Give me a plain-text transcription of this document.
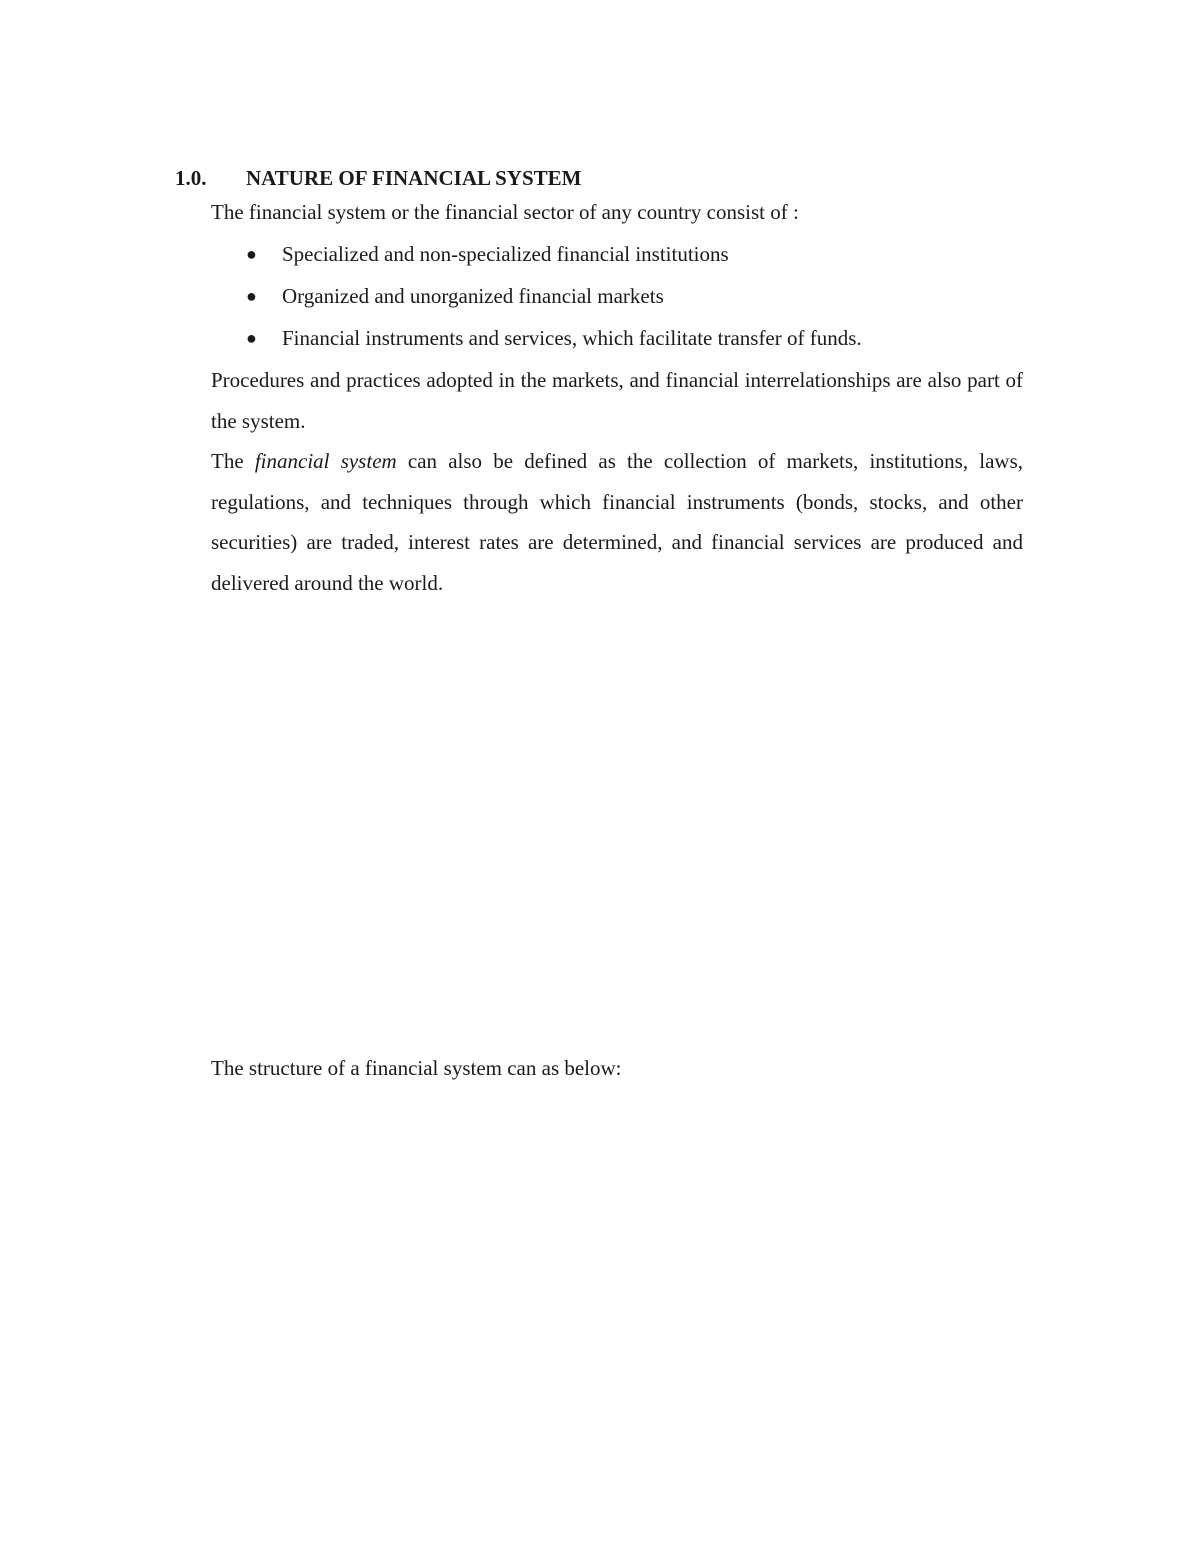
1.0. NATURE OF FINANCIAL SYSTEM
The financial system or the financial sector of any country consist of :
●	Specialized and non-specialized financial institutions
●	Organized and unorganized financial markets
●	Financial instruments and services, which facilitate transfer of funds.

Procedures and practices adopted in the markets, and financial interrelationships are also part of the system.

The financial system can also be defined as the collection of markets, institutions, laws, regulations, and techniques through which financial instruments (bonds, stocks, and other securities) are traded, interest rates are determined, and financial services are produced and delivered around the world.

The structure of a financial system can as below:
